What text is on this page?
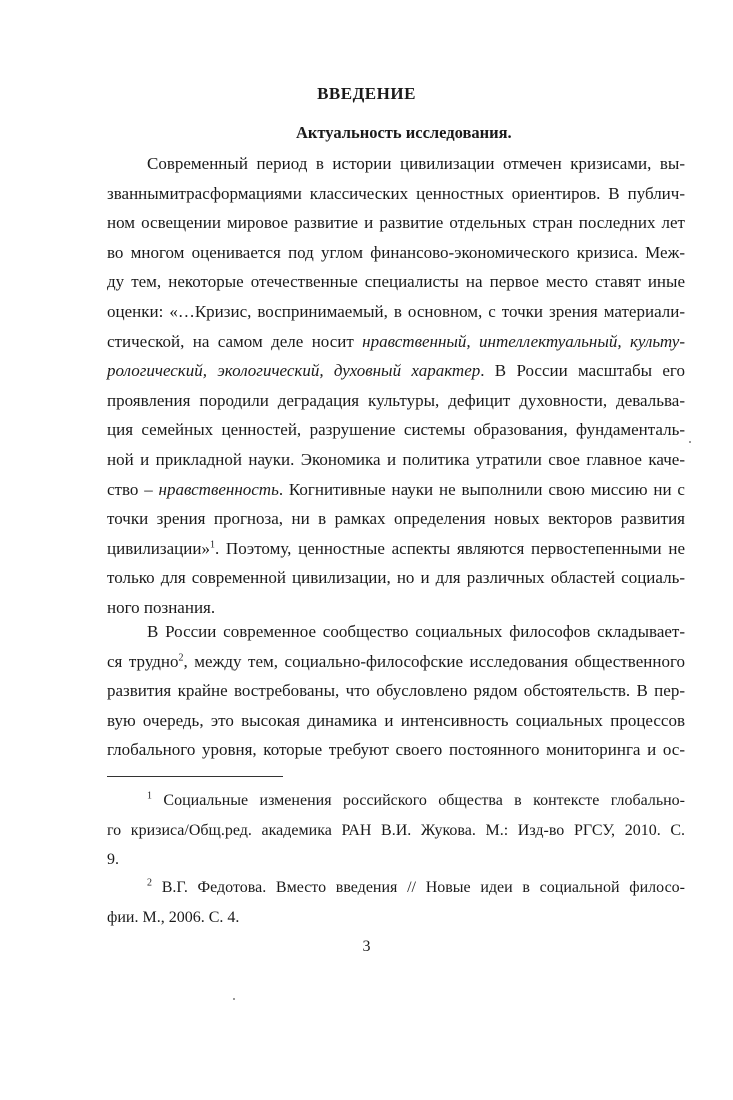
ВВЕДЕНИЕ
Актуальность исследования.
Современный период в истории цивилизации отмечен кризисами, вы-
званнымитрасформациями классических ценностных ориентиров. В публич-
ном освещении мировое развитие и развитие отдельных стран последних лет
во многом оценивается под углом финансово-экономического кризиса. Меж-
ду тем, некоторые отечественные специалисты на первое место ставят иные
оценки: «…Кризис, воспринимаемый, в основном, с точки зрения материали-
стической, на самом деле носит нравственный, интеллектуальный, культу-
рологический, экологический, духовный характер. В России масштабы его
проявления породили деградация культуры, дефицит духовности, девальва-
ция семейных ценностей, разрушение системы образования, фундаменталь-
ной и прикладной науки. Экономика и политика утратили свое главное каче-
ство – нравственность. Когнитивные науки не выполнили свою миссию ни с
точки зрения прогноза, ни в рамках определения новых векторов развития
цивилизации»$^1$. Поэтому, ценностные аспекты являются первостепенными не
только для современной цивилизации, но и для различных областей социаль-
ного познания.
В России современное сообщество социальных философов складывает-
ся трудно$^2$, между тем, социально-философские исследования общественного
развития крайне востребованы, что обусловлено рядом обстоятельств. В пер-
вую очередь, это высокая динамика и интенсивность социальных процессов
глобального уровня, которые требуют своего постоянного мониторинга и ос-
$^1$ Социальные изменения российского общества в контексте глобально-
го кризиса/Общ.ред. академика РАН В.И. Жукова. М.: Изд-во РГСУ, 2010. С.
9.
$^2$ В.Г. Федотова. Вместо введения // Новые идеи в социальной филосо-
фии. М., 2006. С. 4.

3
